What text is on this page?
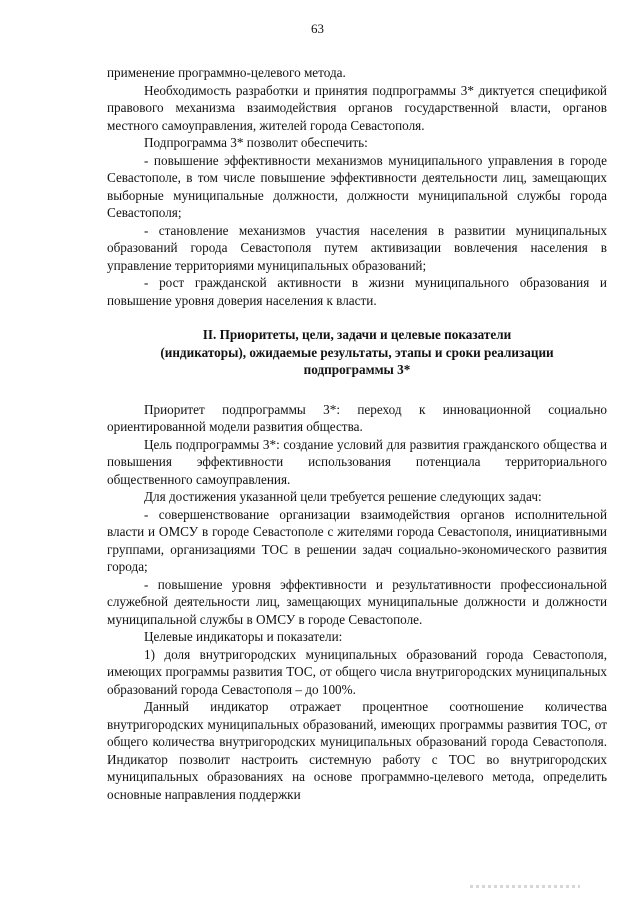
63

применение программно-целевого метода.

Необходимость разработки и принятия подпрограммы 3* диктуется спецификой правового механизма взаимодействия органов государственной власти, органов местного самоуправления, жителей города Севастополя.

Подпрограмма 3* позволит обеспечить:

- повышение эффективности механизмов муниципального управления в городе Севастополе, в том числе повышение эффективности деятельности лиц, замещающих выборные муниципальные должности, должности муниципальной службы города Севастополя;

- становление механизмов участия населения в развитии муниципальных образований города Севастополя путем активизации вовлечения населения в управление территориями муниципальных образований;

- рост гражданской активности в жизни муниципального образования и повышение уровня доверия населения к власти.

II. Приоритеты, цели, задачи и целевые показатели
(индикаторы), ожидаемые результаты, этапы и сроки реализации
подпрограммы 3*

Приоритет подпрограммы 3*: переход к инновационной социально ориентированной модели развития общества.

Цель подпрограммы 3*: создание условий для развития гражданского общества и повышения эффективности использования потенциала территориального общественного самоуправления.

Для достижения указанной цели требуется решение следующих задач:

- совершенствование организации взаимодействия органов исполнительной власти и ОМСУ в городе Севастополе с жителями города Севастополя, инициативными группами, организациями ТОС в решении задач социально-экономического развития города;

- повышение уровня эффективности и результативности профессиональной служебной деятельности лиц, замещающих муниципальные должности и должности муниципальной службы в ОМСУ в городе Севастополе.

Целевые индикаторы и показатели:

1) доля внутригородских муниципальных образований города Севастополя, имеющих программы развития ТОС, от общего числа внутригородских муниципальных образований города Севастополя – до 100%.

Данный индикатор отражает процентное соотношение количества внутригородских муниципальных образований, имеющих программы развития ТОС, от общего количества внутригородских муниципальных образований города Севастополя. Индикатор позволит настроить системную работу с ТОС во внутригородских муниципальных образованиях на основе программно-целевого метода, определить основные направления поддержки
